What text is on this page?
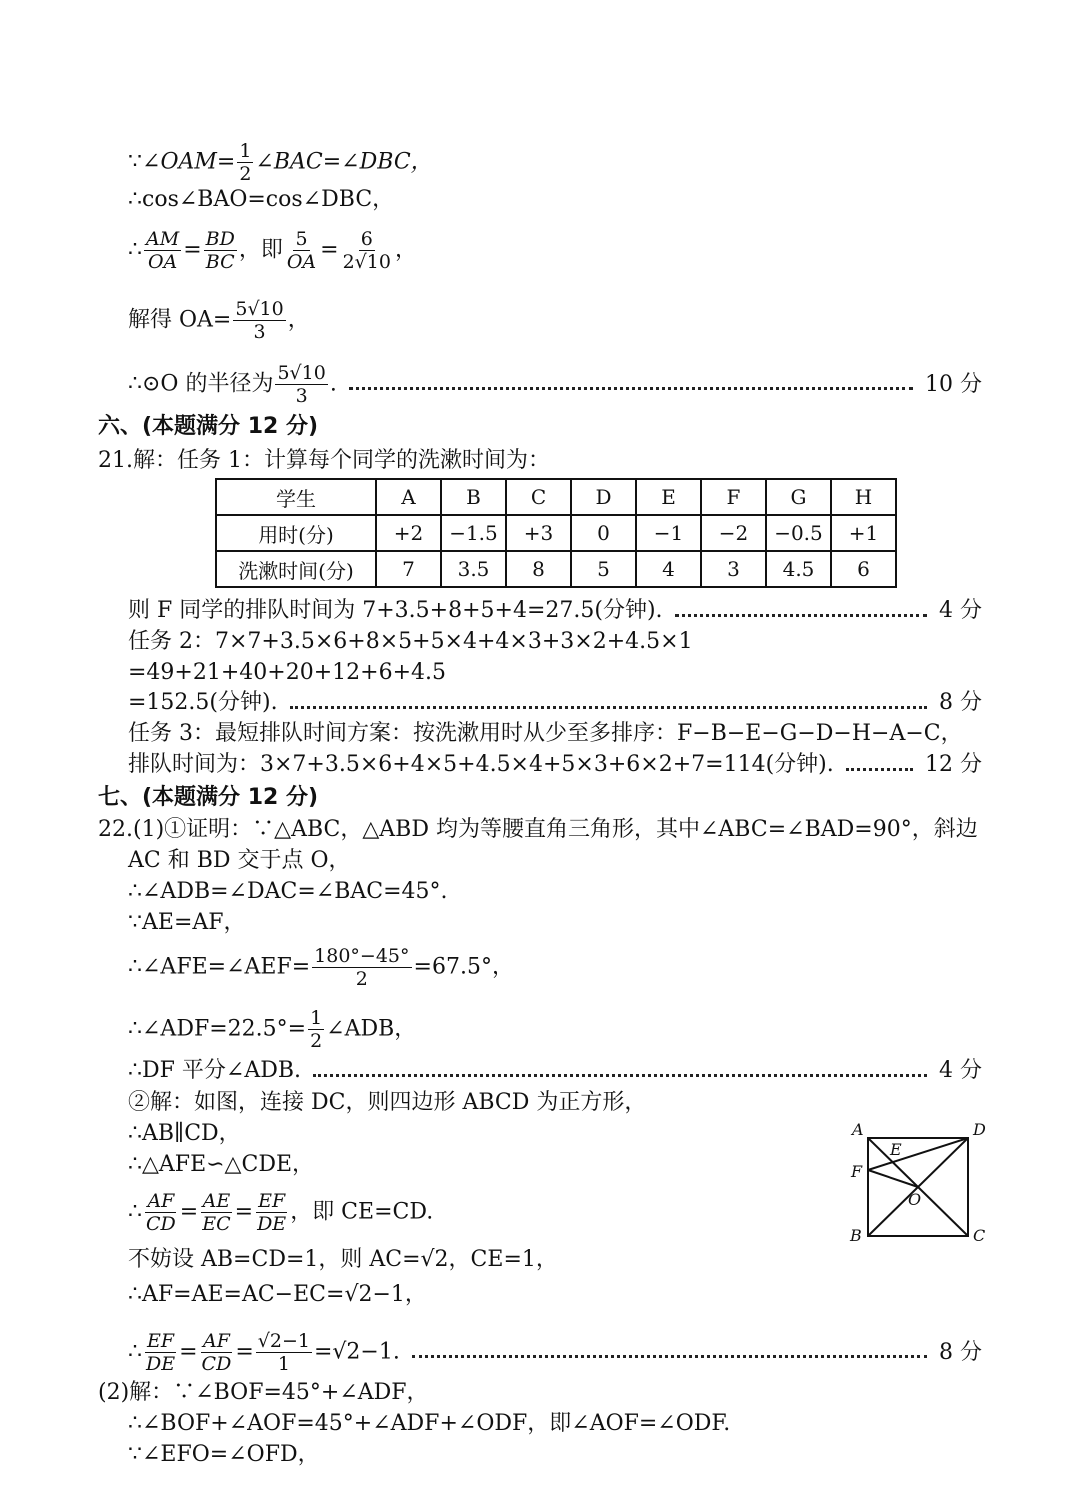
∵∠OAM= $\frac{1}{2}$ ∠BAC=∠DBC，
∴cos∠BAO=cos∠DBC，
∴ $\frac{AM}{OA} = \frac{BD}{BC}$ ，即 $\frac{5}{OA} = \frac{6}{2√10}$ ，
解得 $OA= \frac{5√10}{3}$ ，
∴⊙O 的半径为 $\frac{5√10}{3}$ .	10 分
六、(本题满分 12 分)
21.解：任务 1：计算每个同学的洗漱时间为：
学生	A	B	C	D	E	F	G	H
用时(分)	+2	−1.5	+3	0	−1	−2	−0.5	+1
洗漱时间(分)	7	3.5	8	5	4	3	4.5	6
则 F 同学的排队时间为 7+3.5+8+5+4=27.5(分钟).	4 分
任务 2：7×7+3.5×6+8×5+5×4+4×3+3×2+4.5×1
=49+21+40+20+12+6+4.5
=152.5(分钟).	8 分
任务 3：最短排队时间方案：按洗漱用时从少至多排序：F−B−E−G−D−H−A−C，
排队时间为：3×7+3.5×6+4×5+4.5×4+5×3+6×2+7=114(分钟).	12 分
七、(本题满分 12 分)
22.(1)①证明：∵△ABC，△ABD 均为等腰直角三角形，其中∠ABC=∠BAD=90°，斜边
AC 和 BD 交于点 O，
∴∠ADB=∠DAC=∠BAC=45°.
∵AE=AF，
∴∠AFE=∠AEF= $\frac{180^\circ-45^\circ}{2} =67.5^\circ$，
∴∠ADF=22.5°= $\frac{1}{2}$ ∠ADB，
∴DF 平分∠ADB.	4 分
②解：如图，连接 DC，则四边形 ABCD 为正方形，
∴AB∥CD，
∴△AFE∽△CDE，
∴ $\frac{AF}{CD} = \frac{AE}{EC} = \frac{EF}{DE}$ ，即 CE=CD.
不妨设 AB=CD=1，则 AC=√2，CE=1，
∴AF=AE=AC−EC=√2−1，
∴ $\frac{EF}{DE} = \frac{AF}{CD} = \frac{√2-1}{1} =√2-1$.	8 分
(2)解：∵∠BOF=45°+∠ADF，
∴∠BOF+∠AOF=45°+∠ADF+∠ODF，即∠AOF=∠ODF.
∵∠EFO=∠OFD，
A	D
E
F
O
B	C
